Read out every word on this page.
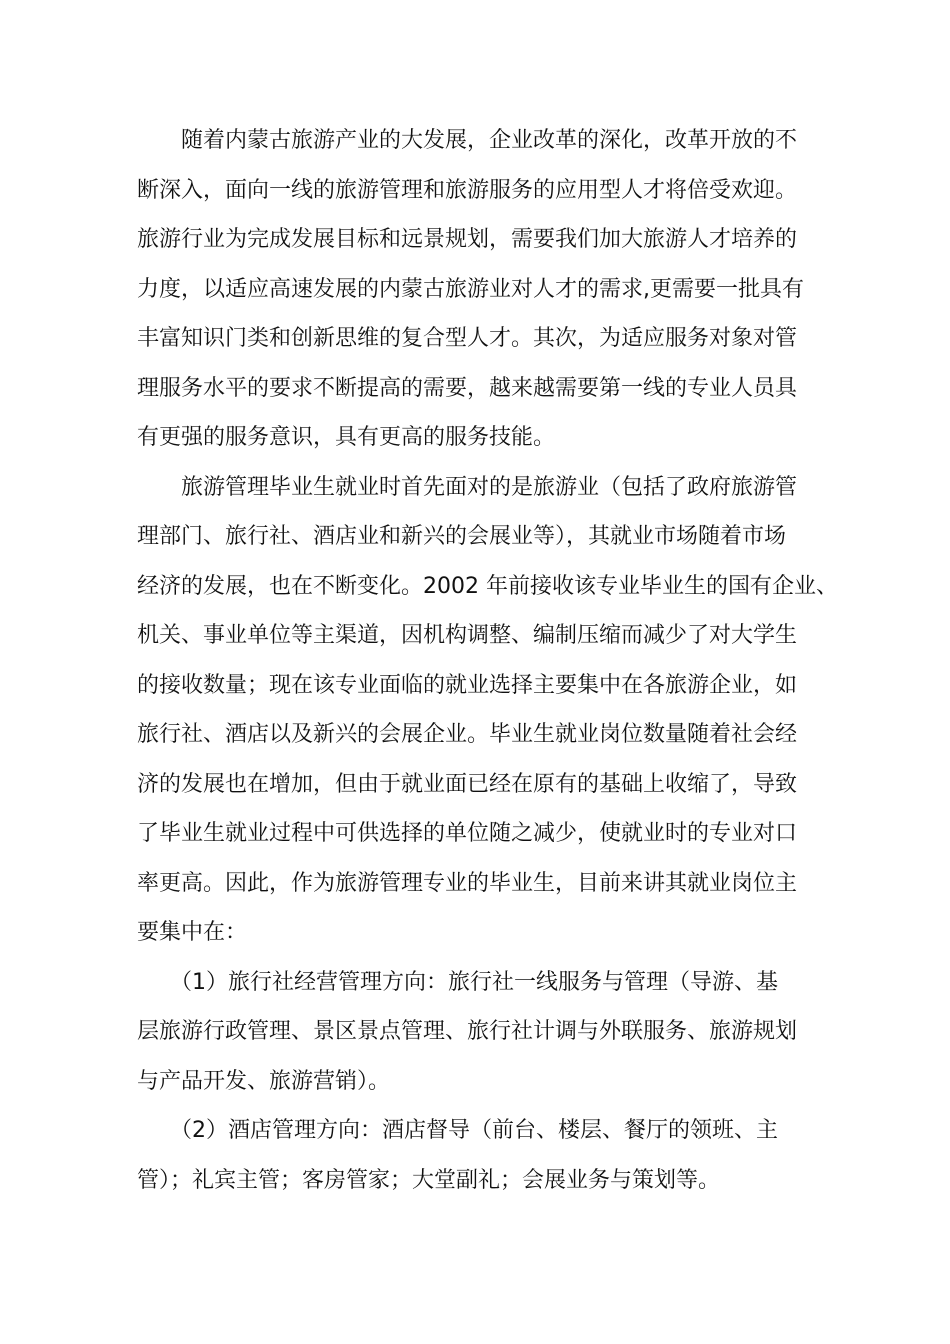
　　随着内蒙古旅游产业的大发展，企业改革的深化，改革开放的不
断深入，面向一线的旅游管理和旅游服务的应用型人才将倍受欢迎。
旅游行业为完成发展目标和远景规划，需要我们加大旅游人才培养的
力度，以适应高速发展的内蒙古旅游业对人才的需求,更需要一批具有
丰富知识门类和创新思维的复合型人才。其次，为适应服务对象对管
理服务水平的要求不断提高的需要，越来越需要第一线的专业人员具
有更强的服务意识，具有更高的服务技能。
　　旅游管理毕业生就业时首先面对的是旅游业（包括了政府旅游管
理部门、旅行社、酒店业和新兴的会展业等），其就业市场随着市场
经济的发展，也在不断变化。2002 年前接收该专业毕业生的国有企业、
机关、事业单位等主渠道，因机构调整、编制压缩而减少了对大学生
的接收数量；现在该专业面临的就业选择主要集中在各旅游企业，如
旅行社、酒店以及新兴的会展企业。毕业生就业岗位数量随着社会经
济的发展也在增加，但由于就业面已经在原有的基础上收缩了，导致
了毕业生就业过程中可供选择的单位随之减少，使就业时的专业对口
率更高。因此，作为旅游管理专业的毕业生，目前来讲其就业岗位主
要集中在：
　　（1）旅行社经营管理方向：旅行社一线服务与管理（导游、基
层旅游行政管理、景区景点管理、旅行社计调与外联服务、旅游规划
与产品开发、旅游营销）。
　　（2）酒店管理方向：酒店督导（前台、楼层、餐厅的领班、主
管）；礼宾主管；客房管家；大堂副礼；会展业务与策划等。
